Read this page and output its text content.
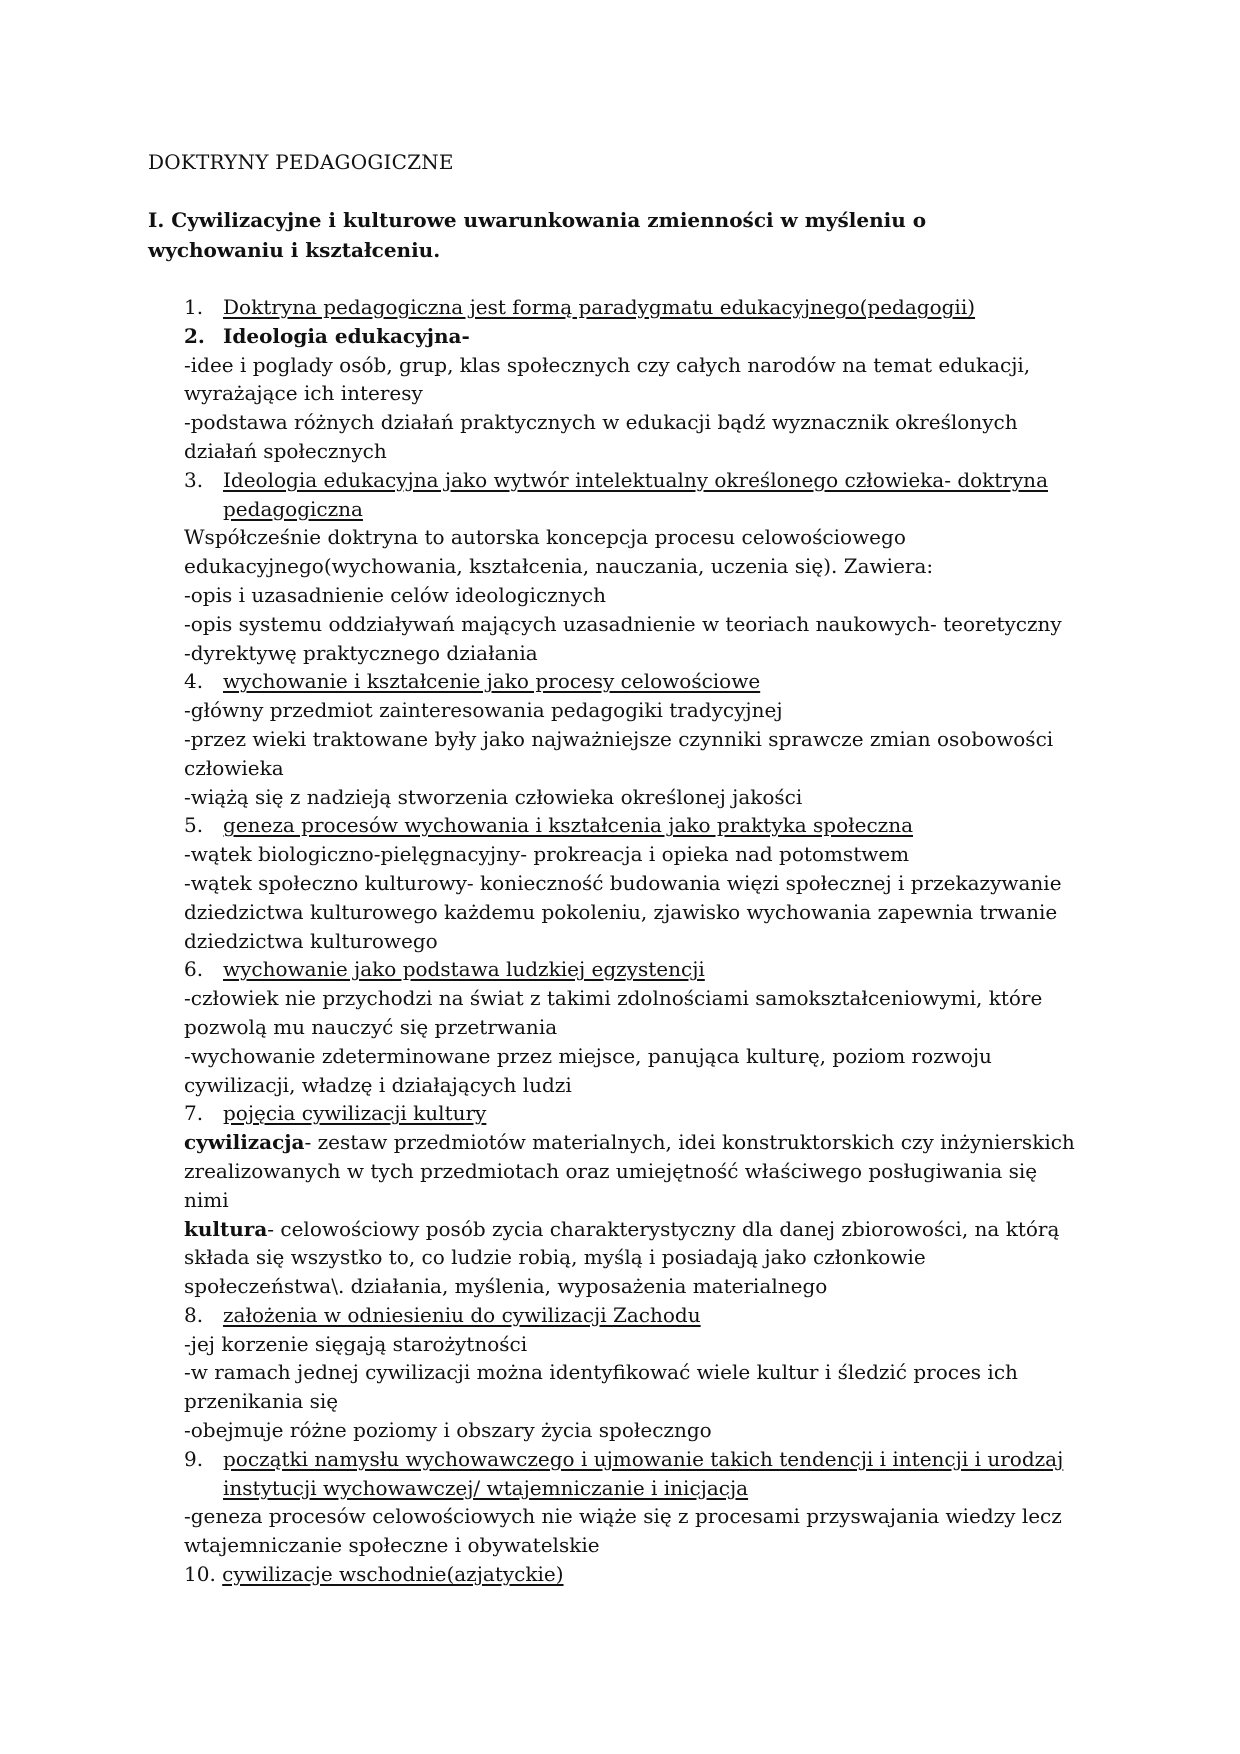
DOKTRYNY PEDAGOGICZNE
I. Cywilizacyjne i kulturowe uwarunkowania zmienności w myśleniu o wychowaniu i kształceniu.
1. Doktryna pedagogiczna jest formą paradygmatu edukacyjnego(pedagogii)
2. Ideologia edukacyjna-
-idee i poglady osób, grup, klas społecznych czy całych narodów na temat edukacji, wyrażające ich interesy
-podstawa różnych działań praktycznych w edukacji bądź wyznacznik określonych działań społecznych
3. Ideologia edukacyjna jako wytwór intelektualny określonego człowieka- doktryna pedagogiczna
Współcześnie doktryna to autorska koncepcja procesu celowościowego edukacyjnego(wychowania, kształcenia, nauczania, uczenia się). Zawiera:
-opis i uzasadnienie celów ideologicznych
-opis systemu oddziaływań mających uzasadnienie w teoriach naukowych- teoretyczny
-dyrektywę praktycznego działania
4. wychowanie i kształcenie jako procesy celowościowe
-główny przedmiot zainteresowania pedagogiki tradycyjnej
-przez wieki traktowane były jako najważniejsze czynniki sprawcze zmian osobowości człowieka
-wiążą się z nadzieją stworzenia człowieka określonej jakości
5. geneza procesów wychowania i kształcenia jako praktyka społeczna
-wątek biologiczno-pielęgnacyjny- prokreacja i opieka nad potomstwem
-wątek społeczno kulturowy- konieczność budowania więzi społecznej i przekazywanie dziedzictwa kulturowego każdemu pokoleniu, zjawisko wychowania zapewnia trwanie dziedzictwa kulturowego
6. wychowanie jako podstawa ludzkiej egzystencji
-człowiek nie przychodzi na świat z takimi zdolnościami samokształceniowymi, które pozwolą mu nauczyć się przetrwania
-wychowanie zdeterminowane przez miejsce, panująca kulturę, poziom rozwoju cywilizacji, władzę i działających ludzi
7. pojęcia cywilizacji kultury
cywilizacja- zestaw przedmiotów materialnych, idei konstruktorskich czy inżynierskich zrealizowanych w tych przedmiotach oraz umiejętność właściwego posługiwania się nimi
kultura- celowościowy posób zycia charakterystyczny dla danej zbiorowości, na którą składa się wszystko to, co ludzie robią, myślą i posiadają jako członkowie społeczeństwa\. działania, myślenia, wyposażenia materialnego
8. założenia w odniesieniu do cywilizacji Zachodu
-jej korzenie sięgają starożytności
-w ramach jednej cywilizacji można identyfikować wiele kultur i śledzić proces ich przenikania się
-obejmuje różne poziomy i obszary życia społeczngo
9. początki namysłu wychowawczego i ujmowanie takich tendencji i intencji i urodzaj instytucji wychowawczej/ wtajemniczanie i inicjacja
-geneza procesów celowościowych nie wiąże się z procesami przyswajania wiedzy lecz wtajemniczanie społeczne i obywatelskie
10. cywilizacje wschodnie(azjatyckie)
